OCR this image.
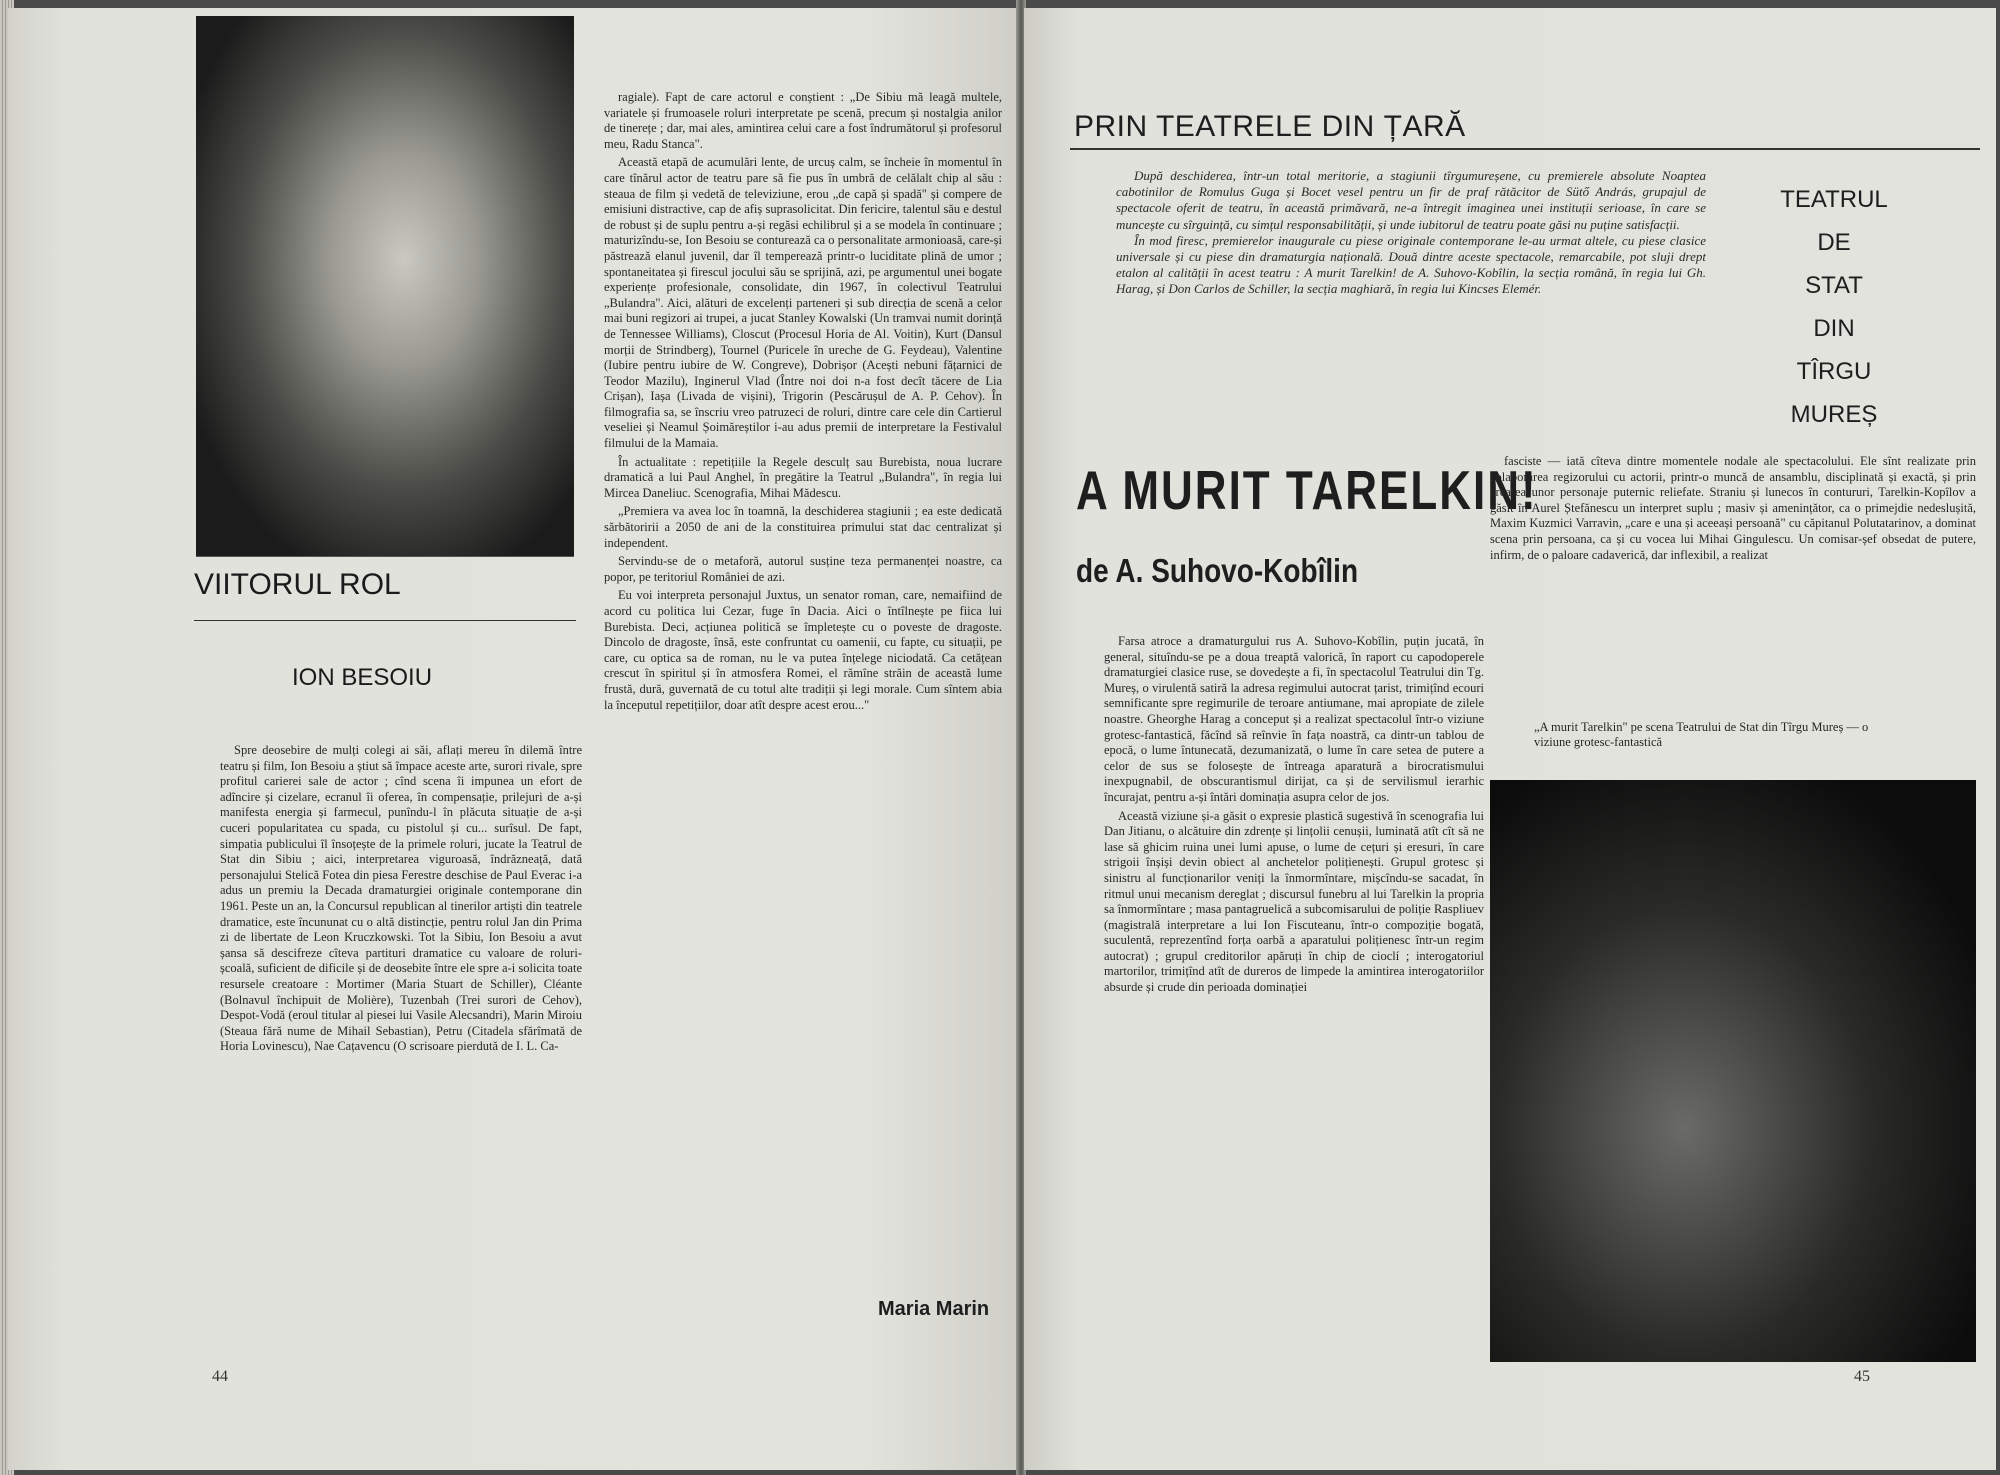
VIITORUL ROL
ION BESOIU

Spre deosebire de mulți colegi ai săi, aflați mereu în dilemă între teatru și film, Ion Besoiu a știut să împace aceste arte, surori rivale, spre profitul carierei sale de actor ; cînd scena îi impunea un efort de adîncire și cizelare, ecranul îi oferea, în compensație, prilejuri de a-și manifesta energia și farmecul, punîndu-l în plăcuta situație de a-și cuceri popularitatea cu spada, cu pistolul și cu... surîsul. De fapt, simpatia publicului îl însoțește de la primele roluri, jucate la Teatrul de Stat din Sibiu ; aici, interpretarea viguroasă, îndrăzneață, dată personajului Stelică Fotea din piesa Ferestre deschise de Paul Everac i-a adus un premiu la Decada dramaturgiei originale contemporane din 1961. Peste un an, la Concursul republican al tinerilor artiști din teatrele dramatice, este încununat cu o altă distincție, pentru rolul Jan din Prima zi de libertate de Leon Kruczkowski. Tot la Sibiu, Ion Besoiu a avut șansa să descifreze cîteva partituri dramatice cu valoare de roluri-școală, suficient de dificile și de deosebite între ele spre a-i solicita toate resursele creatoare : Mortimer (Maria Stuart de Schiller), Cléante (Bolnavul închipuit de Molière), Tuzenbah (Trei surori de Cehov), Despot-Vodă (eroul titular al piesei lui Vasile Alecsandri), Marin Miroiu (Steaua fără nume de Mihail Sebastian), Petru (Citadela sfărîmată de Horia Lovinescu), Nae Cațavencu (O scrisoare pierdută de I. L. Ca-

ragiale). Fapt de care actorul e conștient : „De Sibiu mă leagă multele, variatele și frumoasele roluri interpretate pe scenă, precum și nostalgia anilor de tinerețe ; dar, mai ales, amintirea celui care a fost îndrumătorul și profesorul meu, Radu Stanca".

Această etapă de acumulări lente, de urcuș calm, se încheie în momentul în care tînărul actor de teatru pare să fie pus în umbră de celălalt chip al său : steaua de film și vedetă de televiziune, erou „de capă și spadă" și compere de emisiuni distractive, cap de afiș suprasolicitat. Din fericire, talentul său e destul de robust și de suplu pentru a-și regăsi echilibrul și a se modela în continuare ; maturizîndu-se, Ion Besoiu se conturează ca o personalitate armonioasă, care-și păstrează elanul juvenil, dar îl temperează printr-o luciditate plină de umor ; spontaneitatea și firescul jocului său se sprijină, azi, pe argumentul unei bogate experiențe profesionale, consolidate, din 1967, în colectivul Teatrului „Bulandra". Aici, alături de excelenți parteneri și sub direcția de scenă a celor mai buni regizori ai trupei, a jucat Stanley Kowalski (Un tramvai numit dorință de Tennessee Williams), Closcut (Procesul Horia de Al. Voitin), Kurt (Dansul morții de Strindberg), Tournel (Puricele în ureche de G. Feydeau), Valentine (Iubire pentru iubire de W. Congreve), Dobrișor (Acești nebuni fățarnici de Teodor Mazilu), Inginerul Vlad (Între noi doi n-a fost decît tăcere de Lia Crișan), Iașa (Livada de vișini), Trigorin (Pescărușul de A. P. Cehov). În filmografia sa, se înscriu vreo patruzeci de roluri, dintre care cele din Cartierul veseliei și Neamul Șoimăreștilor i-au adus premii de interpretare la Festivalul filmului de la Mamaia.

În actualitate : repetițiile la Regele desculț sau Burebista, noua lucrare dramatică a lui Paul Anghel, în pregătire la Teatrul „Bulandra", în regia lui Mircea Daneliuc. Scenografia, Mihai Mădescu.

„Premiera va avea loc în toamnă, la deschiderea stagiunii ; ea este dedicată sărbătoririi a 2050 de ani de la constituirea primului stat dac centralizat și independent.

Servindu-se de o metaforă, autorul susține teza permanenței noastre, ca popor, pe teritoriul României de azi.

Eu voi interpreta personajul Juxtus, un senator roman, care, nemaifiind de acord cu politica lui Cezar, fuge în Dacia. Aici o întîlnește pe fiica lui Burebista. Deci, acțiunea politică se împletește cu o poveste de dragoste. Dincolo de dragoste, însă, este confruntat cu oamenii, cu fapte, cu situații, pe care, cu optica sa de roman, nu le va putea înțelege niciodată. Ca cetățean crescut în spiritul și în atmosfera Romei, el rămîne străin de această lume frustă, dură, guvernată de cu totul alte tradiții și legi morale. Cum sîntem abia la începutul repetițiilor, doar atît despre acest erou..."

Maria Marin
44
PRIN TEATRELE DIN ȚARĂ

După deschiderea, într-un total meritorie, a stagiunii tîrgumureșene, cu premierele absolute Noaptea cabotinilor de Romulus Guga și Bocet vesel pentru un fir de praf rătăcitor de Sütő András, grupajul de spectacole oferit de teatru, în această primăvară, ne-a întregit imaginea unei instituții serioase, în care se muncește cu sîrguință, cu simțul responsabilității, și unde iubitorul de teatru poate găsi nu puține satisfacții.

În mod firesc, premierelor inaugurale cu piese originale contemporane le-au urmat altele, cu piese clasice universale și cu piese din dramaturgia națională. Două dintre aceste spectacole, remarcabile, pot sluji drept etalon al calității în acest teatru : A murit Tarelkin! de A. Suhovo-Kobîlin, la secția română, în regia lui Gh. Harag, și Don Carlos de Schiller, la secția maghiară, în regia lui Kincses Elemér.

TEATRUL
DE
STAT
DIN
TÎRGU
MUREȘ
A MURIT TARELKIN!
de A. Suhovo-Kobîlin

Farsa atroce a dramaturgului rus A. Suhovo-Kobîlin, puțin jucată, în general, situîndu-se pe a doua treaptă valorică, în raport cu capodoperele dramaturgiei clasice ruse, se dovedește a fi, în spectacolul Teatrului din Tg. Mureș, o virulentă satiră la adresa regimului autocrat țarist, trimițînd ecouri semnificante spre regimurile de teroare antiumane, mai apropiate de zilele noastre. Gheorghe Harag a conceput și a realizat spectacolul într-o viziune grotesc-fantastică, făcînd să reînvie în fața noastră, ca dintr-un tablou de epocă, o lume întunecată, dezumanizată, o lume în care setea de putere a celor de sus se folosește de întreaga aparatură a birocratismului inexpugnabil, de obscurantismul dirijat, ca și de servilismul ierarhic încurajat, pentru a-și întări dominația asupra celor de jos.

Această viziune și-a găsit o expresie plastică sugestivă în scenografia lui Dan Jitianu, o alcătuire din zdrențe și lințolii cenușii, luminată atît cît să ne lase să ghicim ruina unei lumi apuse, o lume de cețuri și eresuri, în care strigoii înșiși devin obiect al anchetelor polițienești. Grupul grotesc și sinistru al funcționarilor veniți la înmormîntare, mișcîndu-se sacadat, în ritmul unui mecanism dereglat ; discursul funebru al lui Tarelkin la propria sa înmormîntare ; masa pantagruelică a subcomisarului de poliție Raspliuev (magistrală interpretare a lui Ion Fiscuteanu, într-o compoziție bogată, suculentă, reprezentînd forța oarbă a aparatului polițienesc într-un regim autocrat) ; grupul creditorilor apăruți în chip de cioclí ; interogatoriul martorilor, trimițînd atît de dureros de limpede la amintirea interogatoriilor absurde și crude din perioada dominației

fasciste — iată cîteva dintre momentele nodale ale spectacolului. Ele sînt realizate prin colaborarea regizorului cu actorii, printr-o muncă de ansamblu, disciplinată și exactă, și prin crearea unor personaje puternic reliefate. Straniu și lunecos în contururi, Tarelkin-Kopîlov a găsit în Aurel Ștefănescu un interpret suplu ; masiv și amenințător, ca o primejdie nedeslușită, Maxim Kuzmici Varravin, „care e una și aceeași persoană" cu căpitanul Polutatarinov, a dominat scena prin persoana, ca și cu vocea lui Mihai Gingulescu. Un comisar-șef obsedat de putere, infirm, de o paloare cadaverică, dar inflexibil, a realizat

„A murit Tarelkin" pe scena Teatrului de Stat din Tîrgu Mureș — o viziune grotesc-fantastică
45
